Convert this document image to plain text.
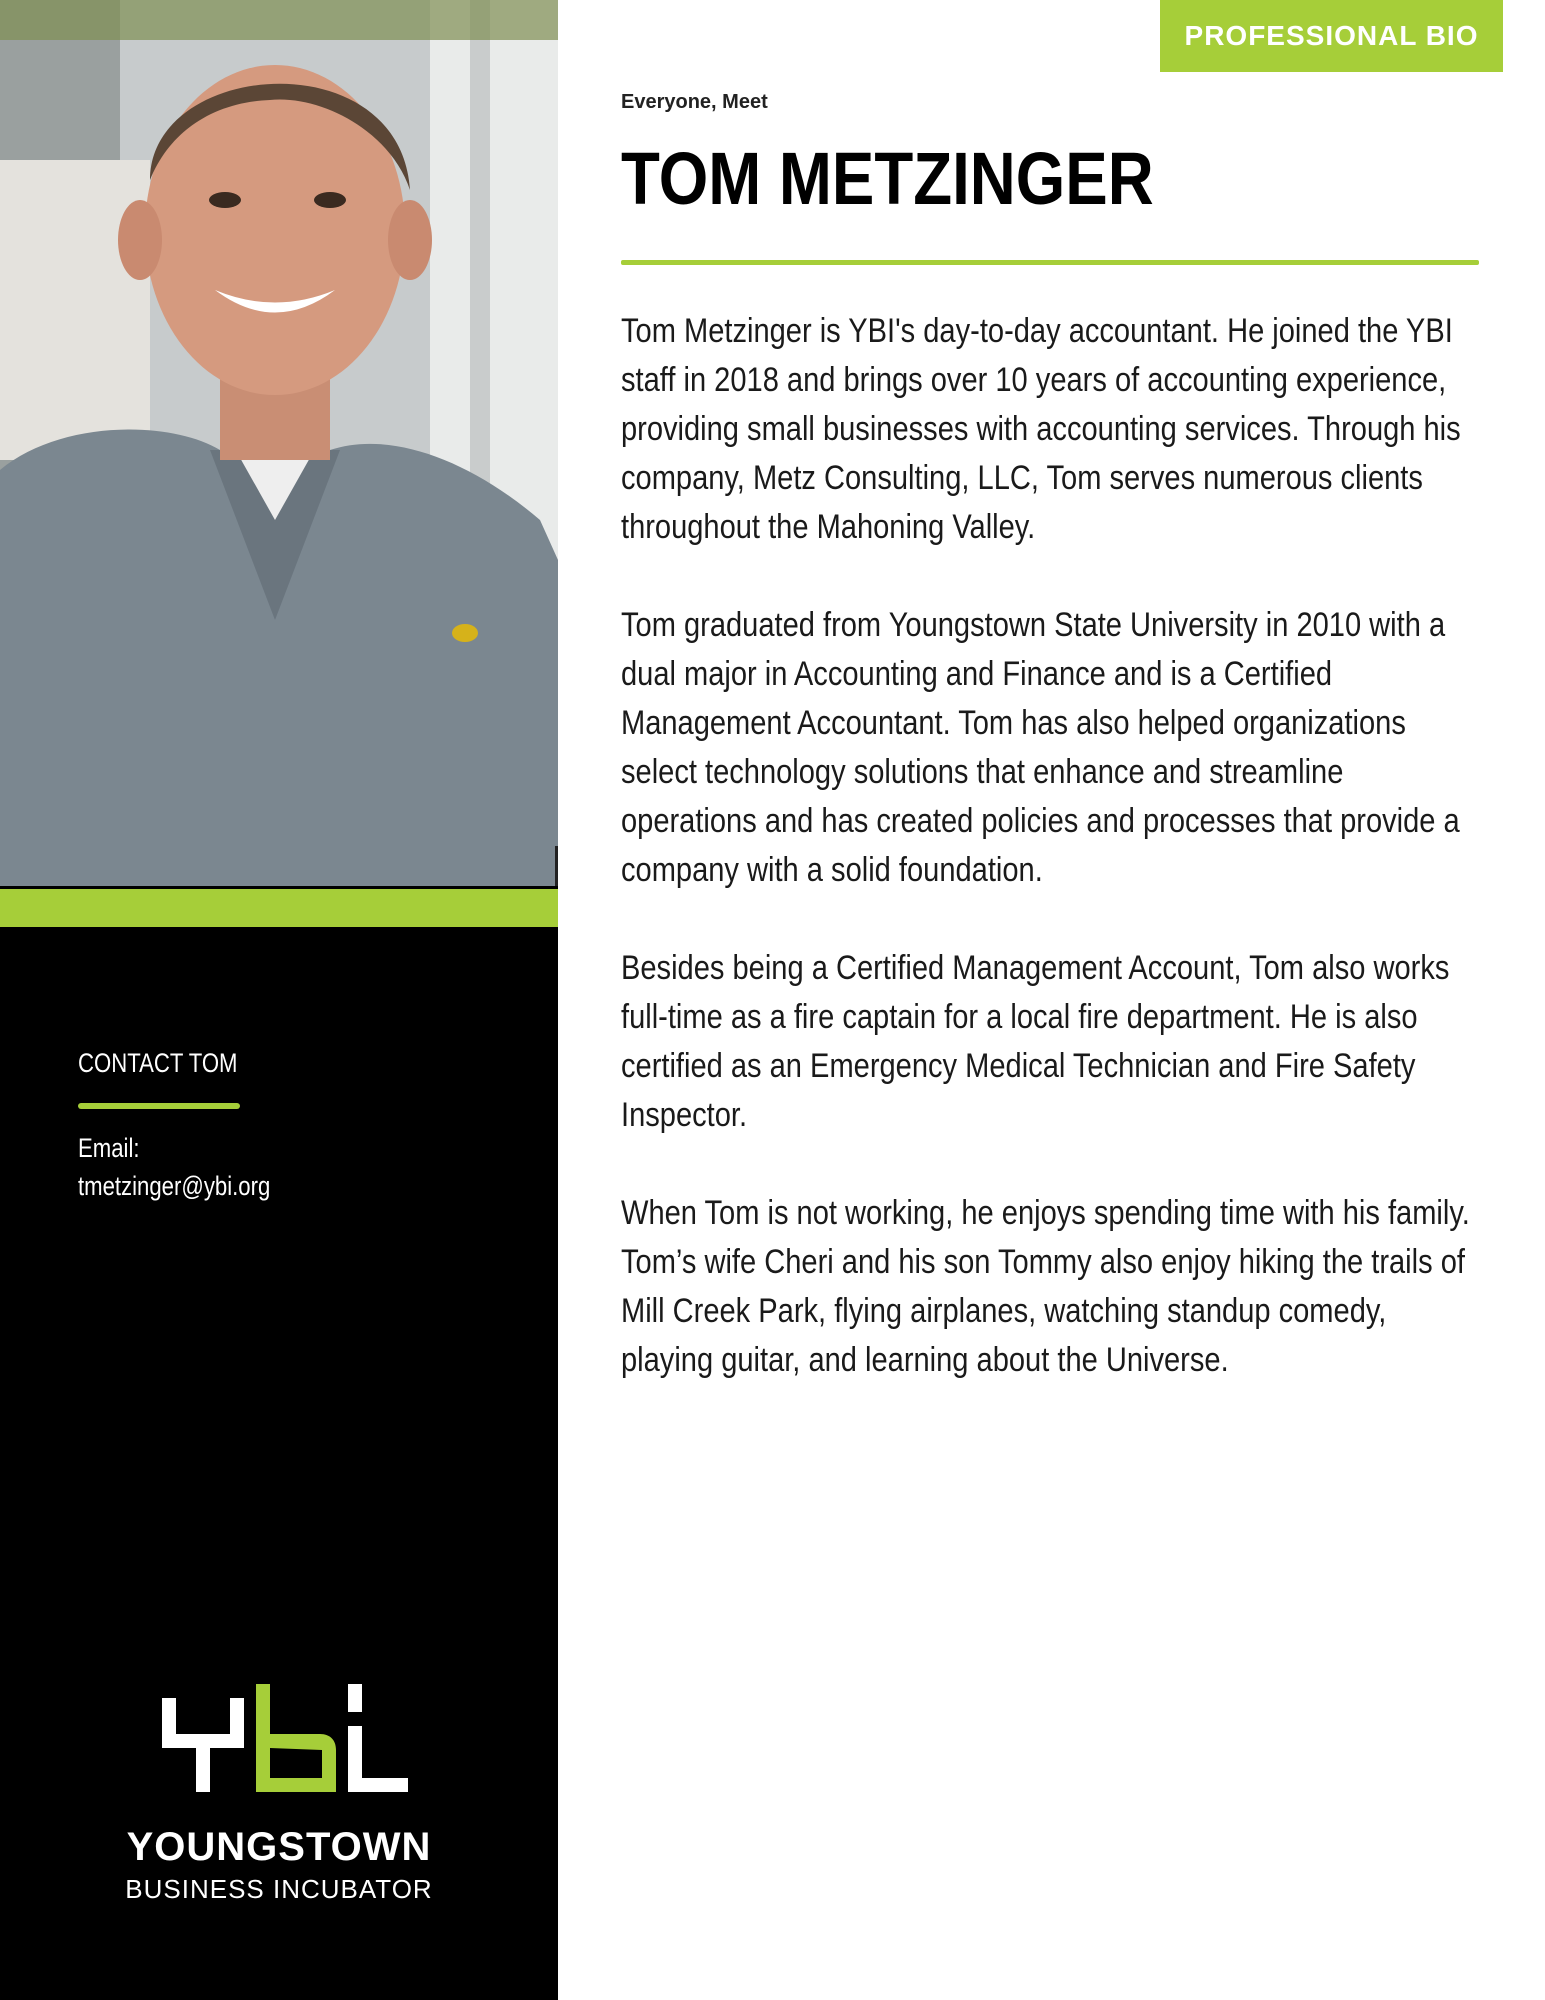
CONTACT TOM
Email:
tmetzinger@ybi.org
YOUNGSTOWN
BUSINESS INCUBATOR
PROFESSIONAL BIO
Everyone, Meet
TOM METZINGER

Tom Metzinger is YBI's day-to-day accountant. He joined the YBI staff in 2018 and brings over 10 years of accounting experience, providing small businesses with accounting services. Through his company, Metz Consulting, LLC, Tom serves numerous clients throughout the Mahoning Valley.

Tom graduated from Youngstown State University in 2010 with a dual major in Accounting and Finance and is a Certified Management Accountant. Tom has also helped organizations select technology solutions that enhance and streamline operations and has created policies and processes that provide a company with a solid foundation.

Besides being a Certified Management Account, Tom also works full-time as a fire captain for a local fire department. He is also certified as an Emergency Medical Technician and Fire Safety Inspector.

When Tom is not working, he enjoys spending time with his family. Tom’s wife Cheri and his son Tommy also enjoy hiking the trails of Mill Creek Park, flying airplanes, watching standup comedy, playing guitar, and learning about the Universe.
